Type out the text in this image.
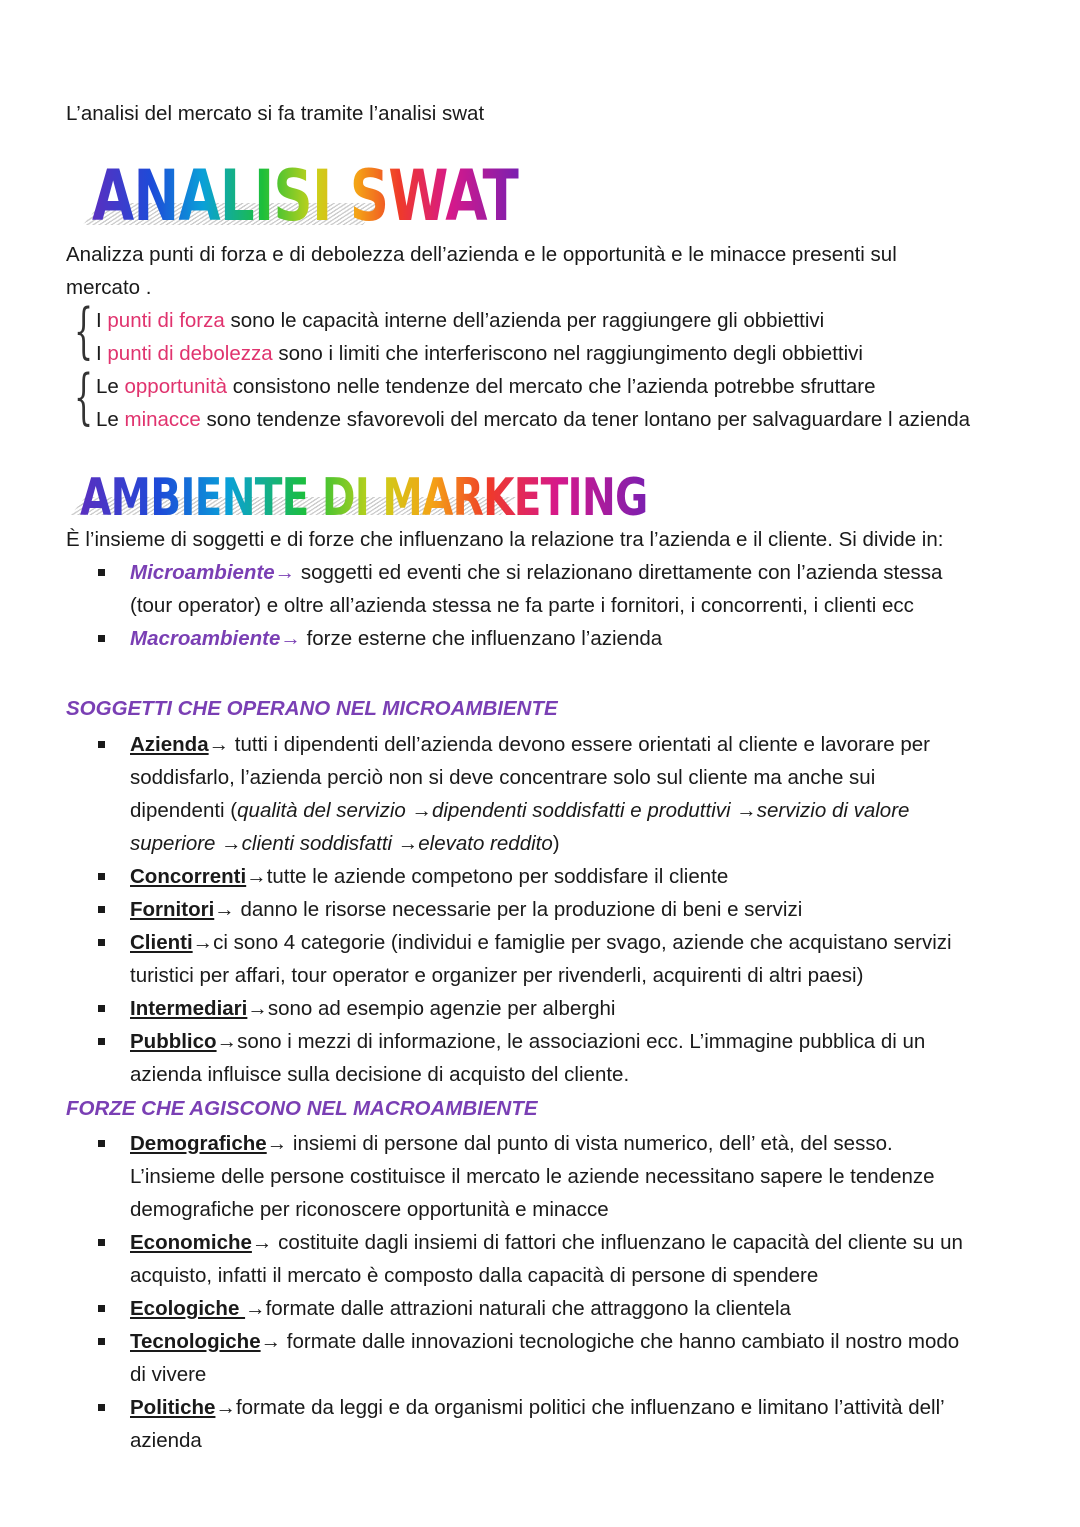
L’analisi del mercato si fa tramite l’analisi swat
ANALISI SWAT
Analizza punti di forza e di debolezza dell’azienda e le opportunità e le minacce presenti sul
mercato .
{ I punti di forza sono le capacità interne dell’azienda per raggiungere gli obbiettivi
I punti di debolezza sono i limiti che interferiscono nel raggiungimento degli obbiettivi
{ Le opportunità consistono nelle tendenze del mercato che l’azienda potrebbe sfruttare
Le minacce sono tendenze sfavorevoli del mercato da tener lontano per salvaguardare l azienda
AMBIENTE DI MARKETING
È l’insieme di soggetti e di forze che influenzano la relazione tra l’azienda e il cliente. Si divide in:
Microambiente→ soggetti ed eventi che si relazionano direttamente con l’azienda stessa
(tour operator) e oltre all’azienda stessa ne fa parte i fornitori, i concorrenti, i clienti ecc
Macroambiente→ forze esterne che influenzano l’azienda
SOGGETTI CHE OPERANO NEL MICROAMBIENTE
Azienda→ tutti i dipendenti dell’azienda devono essere orientati al cliente e lavorare per
soddisfarlo, l’azienda perciò non si deve concentrare solo sul cliente ma anche sui
dipendenti (qualità del servizio →dipendenti soddisfatti e produttivi →servizio di valore
superiore →clienti soddisfatti →elevato reddito)
Concorrenti→tutte le aziende competono per soddisfare il cliente
Fornitori→ danno le risorse necessarie per la produzione di beni e servizi
Clienti→ci sono 4 categorie (individui e famiglie per svago, aziende che acquistano servizi
turistici per affari, tour operator e organizer per rivenderli, acquirenti di altri paesi)
Intermediari→sono ad esempio agenzie per alberghi
Pubblico→sono i mezzi di informazione, le associazioni ecc. L’immagine pubblica di un
azienda influisce sulla decisione di acquisto del cliente.
FORZE CHE AGISCONO NEL MACROAMBIENTE
Demografiche→ insiemi di persone dal punto di vista numerico, dell’ età, del sesso.
L’insieme delle persone costituisce il mercato le aziende necessitano sapere le tendenze
demografiche per riconoscere opportunità e minacce
Economiche→ costituite dagli insiemi di fattori che influenzano le capacità del cliente su un
acquisto, infatti il mercato è composto dalla capacità di persone di spendere
Ecologiche →formate dalle attrazioni naturali che attraggono la clientela
Tecnologiche→ formate dalle innovazioni tecnologiche che hanno cambiato il nostro modo
di vivere
Politiche→formate da leggi e da organismi politici che influenzano e limitano l’attività dell’
azienda
